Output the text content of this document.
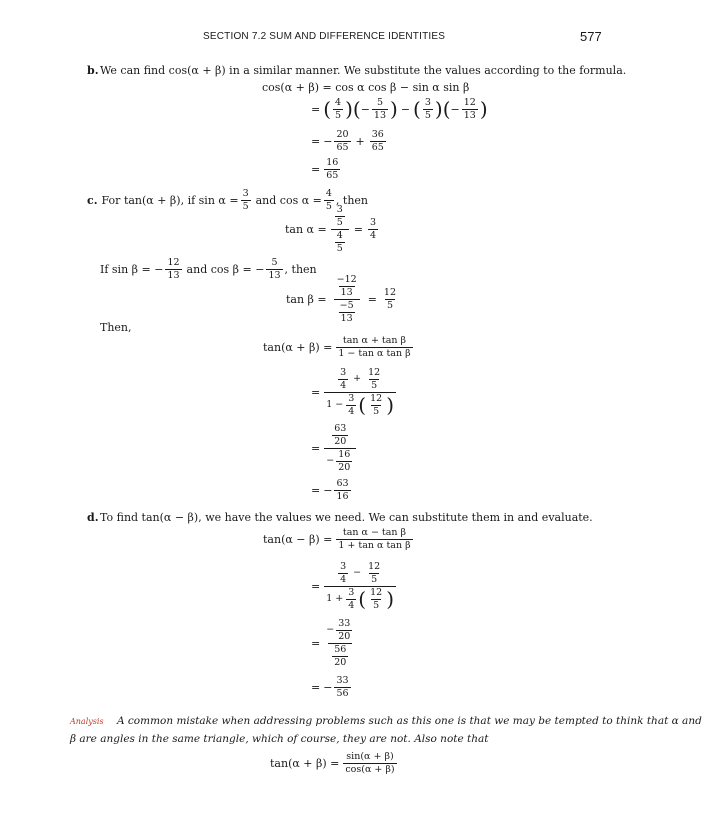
SECTION 7.2 SUM AND DIFFERENCE IDENTITIES	577
b. We can find cos(α + β) in a similar manner. We substitute the values according to the formula.
cos(α + β) = cos α cos β − sin α sin β
= ( $\frac{4}{5}$ ) ( − $\frac{5}{13}$ ) − ( $\frac{3}{5}$ ) ( − $\frac{12}{13}$ )
= − $\frac{20}{65} + \frac{36}{65}$
= $\frac{16}{65}$
c. For tan(α + β), if $\sin \alpha = \frac{3}{5}$ and $\cos \alpha = \frac{4}{5}$ , then
$\tan \alpha = \frac{\frac{3}{5}}{\frac{4}{5}} = \frac{3}{4}$
If sin β = − $\frac{12}{13}$ and cos β = − $\frac{5}{13}$ , then
$\tan \beta = \frac{\frac{-12}{13}}{\frac{-5}{13}} = \frac{12}{5}$
Then,
$\tan(\alpha + \beta) = \frac{\text{tan α + tan β}}{\text{1 − tan α tan β}}$
= $\frac{\frac{3}{4} + \frac{12}{5}}{1 - \frac{3}{4} ( \frac{12}{5} )}$
= $\frac{\frac{63}{20}}{- \frac{16}{20}}$
= − $\frac{63}{16}$
d. To find tan(α − β), we have the values we need. We can substitute them in and evaluate.
$\tan(\alpha - \beta) = \frac{\text{tan α − tan β}}{\text{1 + tan α tan β}}$
= $\frac{\frac{3}{4} - \frac{12}{5}}{1 + \frac{3}{4} ( \frac{12}{5} )}$
= $\frac{- \frac{33}{20}}{\frac{56}{20}}$
= − $\frac{33}{56}$
Analysis A common mistake when addressing problems such as this one is that we may be tempted to think that α and
β are angles in the same triangle, which of course, they are not. Also note that
$\tan(\alpha + \beta) = \frac{\sin(\alpha + \beta)}{\cos(\alpha + \beta)}$
